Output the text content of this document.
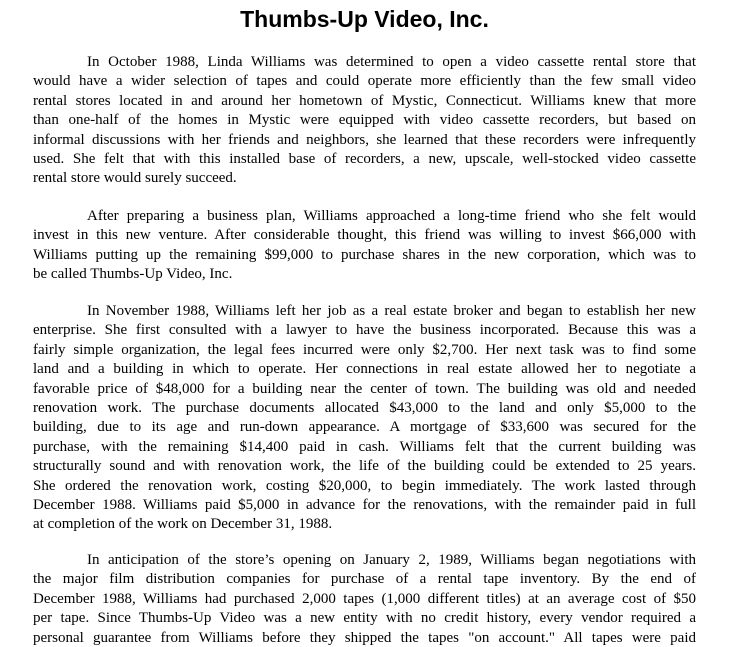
Thumbs-Up Video, Inc.
In October 1988, Linda Williams was determined to open a video cassette rental store that
would have a wider selection of tapes and could operate more efficiently than the few small video
rental stores located in and around her hometown of Mystic, Connecticut. Williams knew that more
than one-half of the homes in Mystic were equipped with video cassette recorders, but based on
informal discussions with her friends and neighbors, she learned that these recorders were infrequently
used. She felt that with this installed base of recorders, a new, upscale, well-stocked video cassette
rental store would surely succeed.
After preparing a business plan, Williams approached a long-time friend who she felt would
invest in this new venture. After considerable thought, this friend was willing to invest $66,000 with
Williams putting up the remaining $99,000 to purchase shares in the new corporation, which was to
be called Thumbs-Up Video, Inc.
In November 1988, Williams left her job as a real estate broker and began to establish her new
enterprise. She first consulted with a lawyer to have the business incorporated. Because this was a
fairly simple organization, the legal fees incurred were only $2,700. Her next task was to find some
land and a building in which to operate. Her connections in real estate allowed her to negotiate a
favorable price of $48,000 for a building near the center of town. The building was old and needed
renovation work. The purchase documents allocated $43,000 to the land and only $5,000 to the
building, due to its age and run-down appearance. A mortgage of $33,600 was secured for the
purchase, with the remaining $14,400 paid in cash. Williams felt that the current building was
structurally sound and with renovation work, the life of the building could be extended to 25 years.
She ordered the renovation work, costing $20,000, to begin immediately. The work lasted through
December 1988. Williams paid $5,000 in advance for the renovations, with the remainder paid in full
at completion of the work on December 31, 1988.
In anticipation of the store’s opening on January 2, 1989, Williams began negotiations with
the major film distribution companies for purchase of a rental tape inventory. By the end of
December 1988, Williams had purchased 2,000 tapes (1,000 different titles) at an average cost of $50
per tape. Since Thumbs-Up Video was a new entity with no credit history, every vendor required a
personal guarantee from Williams before they shipped the tapes "on account." All tapes were paid
